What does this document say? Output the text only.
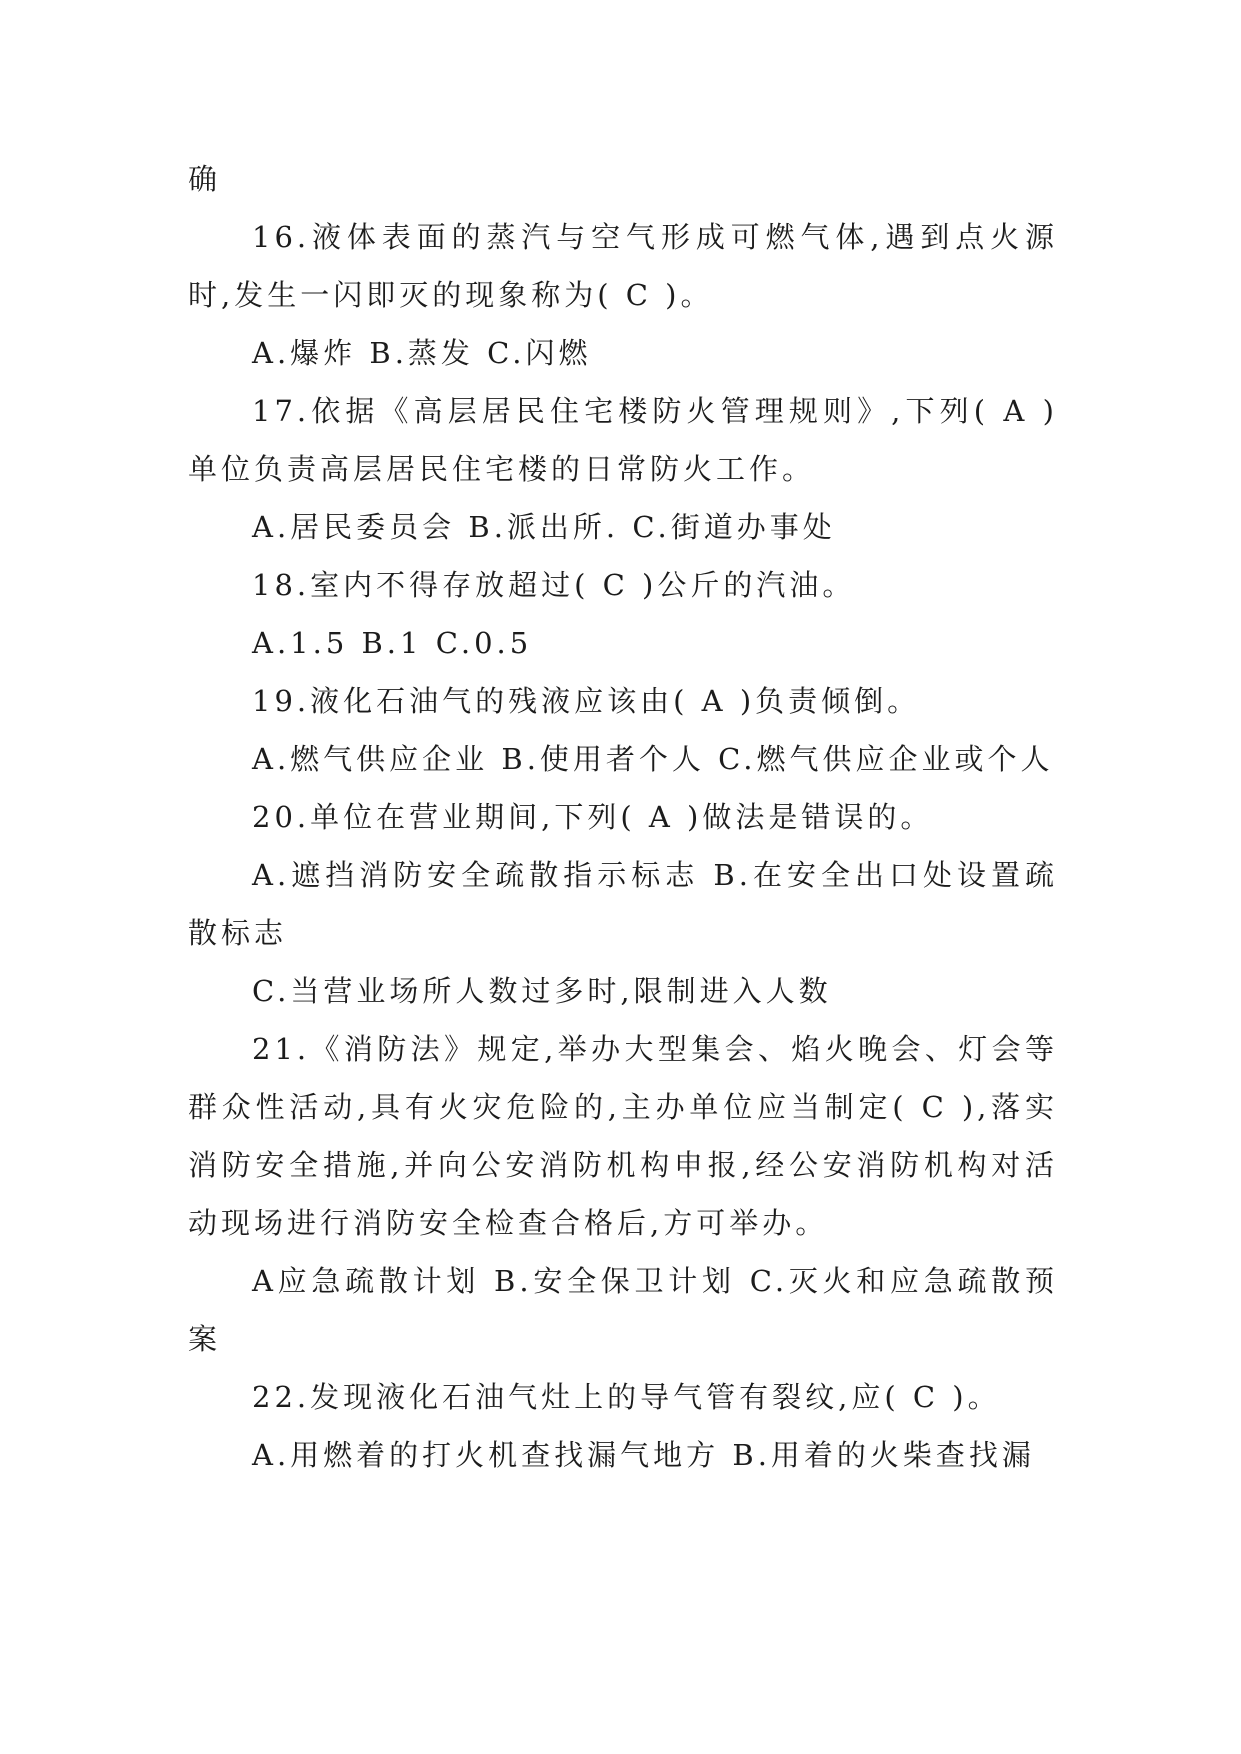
确

16.液体表面的蒸汽与空气形成可燃气体,遇到点火源时,发生一闪即灭的现象称为( C )。

A.爆炸 B.蒸发 C.闪燃

17.依据《高层居民住宅楼防火管理规则》,下列( A )单位负责高层居民住宅楼的日常防火工作。

A.居民委员会 B.派出所. C.街道办事处

18.室内不得存放超过( C )公斤的汽油。

A.1.5 B.1 C.0.5

19.液化石油气的残液应该由( A )负责倾倒。

A.燃气供应企业 B.使用者个人 C.燃气供应企业或个人

20.单位在营业期间,下列( A )做法是错误的。

A.遮挡消防安全疏散指示标志 B.在安全出口处设置疏散标志

C.当营业场所人数过多时,限制进入人数

21.《消防法》规定,举办大型集会、焰火晚会、灯会等群众性活动,具有火灾危险的,主办单位应当制定( C ),落实消防安全措施,并向公安消防机构申报,经公安消防机构对活动现场进行消防安全检查合格后,方可举办。

A应急疏散计划 B.安全保卫计划 C.灭火和应急疏散预案

22.发现液化石油气灶上的导气管有裂纹,应( C )。

A.用燃着的打火机查找漏气地方 B.用着的火柴查找漏
